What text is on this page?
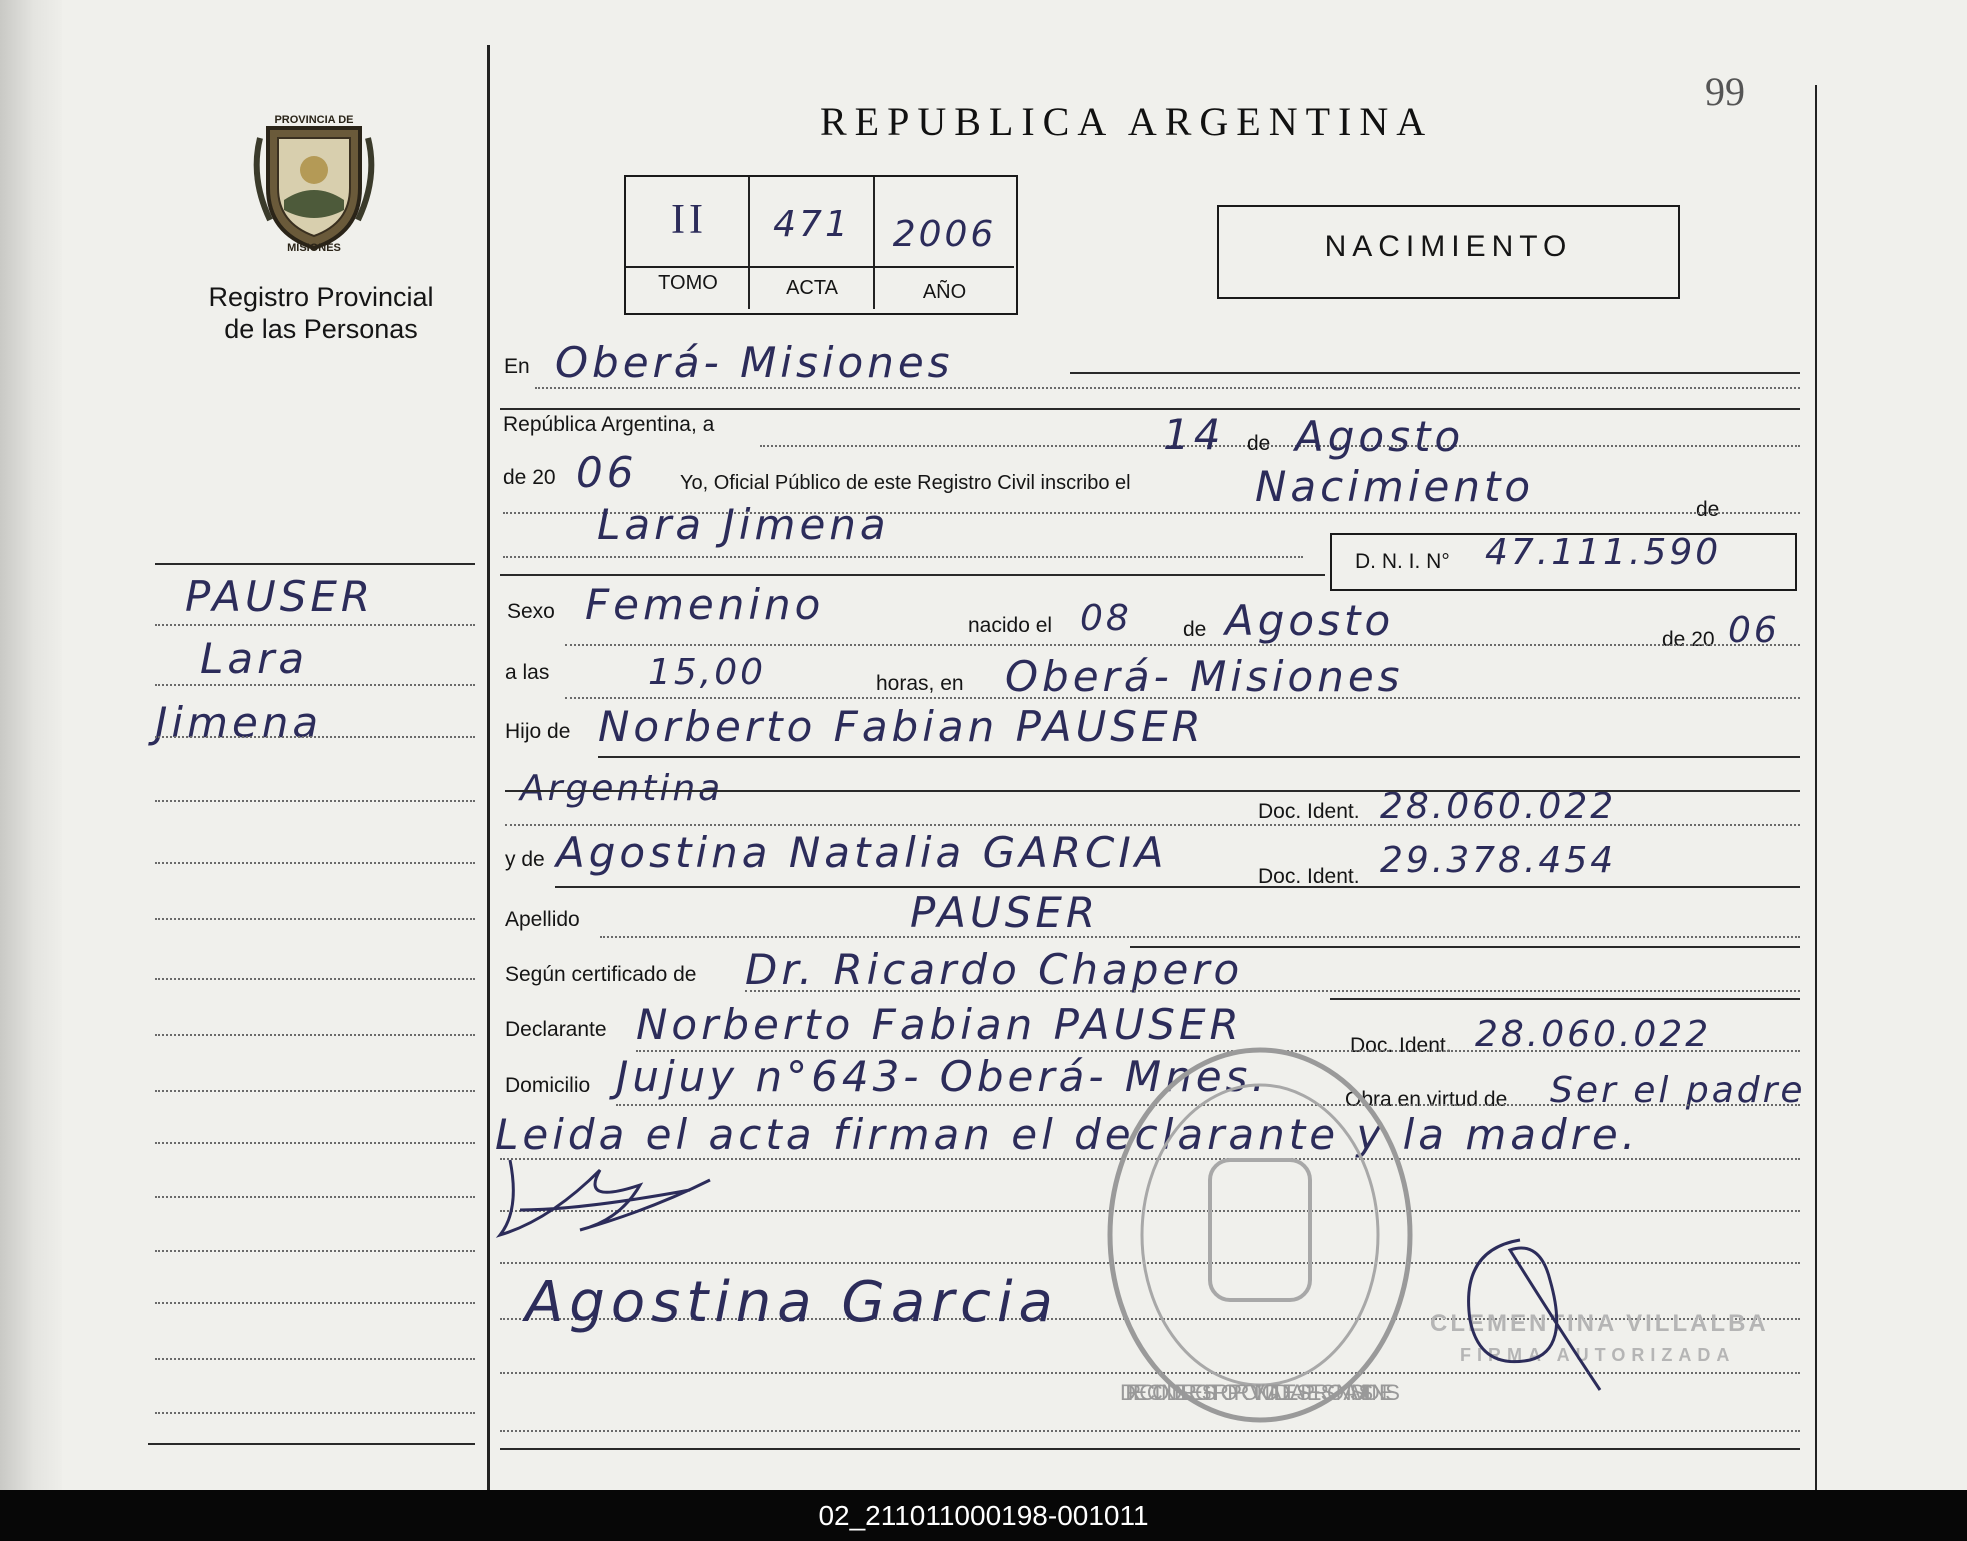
PROVINCIA DE
MISIONES
Registro Provincial
de las Personas
REPUBLICA ARGENTINA
99
II	471	2006
TOMO	ACTA	AÑO
NACIMIENTO
PAUSER
Lara
Jimena
En Oberá- Misiones
República Argentina, a	14 de Agosto
de 20 06 Yo, Oficial Público de este Registro Civil inscribo el	Nacimiento	de
Lara Jimena
D. N. I. N° 47.111.590
Sexo Femenino	nacido el 08 de Agosto	de 20 06
a las	15,00	horas, en Oberá- Misiones
Hijo de Norberto Fabian PAUSER
Argentina
Doc. Ident. 28.060.022
y de Agostina Natalia GARCIA	Doc. Ident. 29.378.454
Apellido	PAUSER
Según certificado de Dr. Ricardo Chapero
Declarante Norberto Fabian PAUSER	Doc. Ident. 28.060.022
Domicilio Jujuy n°643- Oberá- Mnes.	Obra en virtud de Ser el padre
Leida el acta firman el declarante y la madre.
Agostina Garcia
DIRECCION DEL REGISTRO PROVINCIAL DE LAS PERSONAS · MISIONES
CLEMENTINA VILLALBA
FIRMA AUTORIZADA
02_211011000198-001011
